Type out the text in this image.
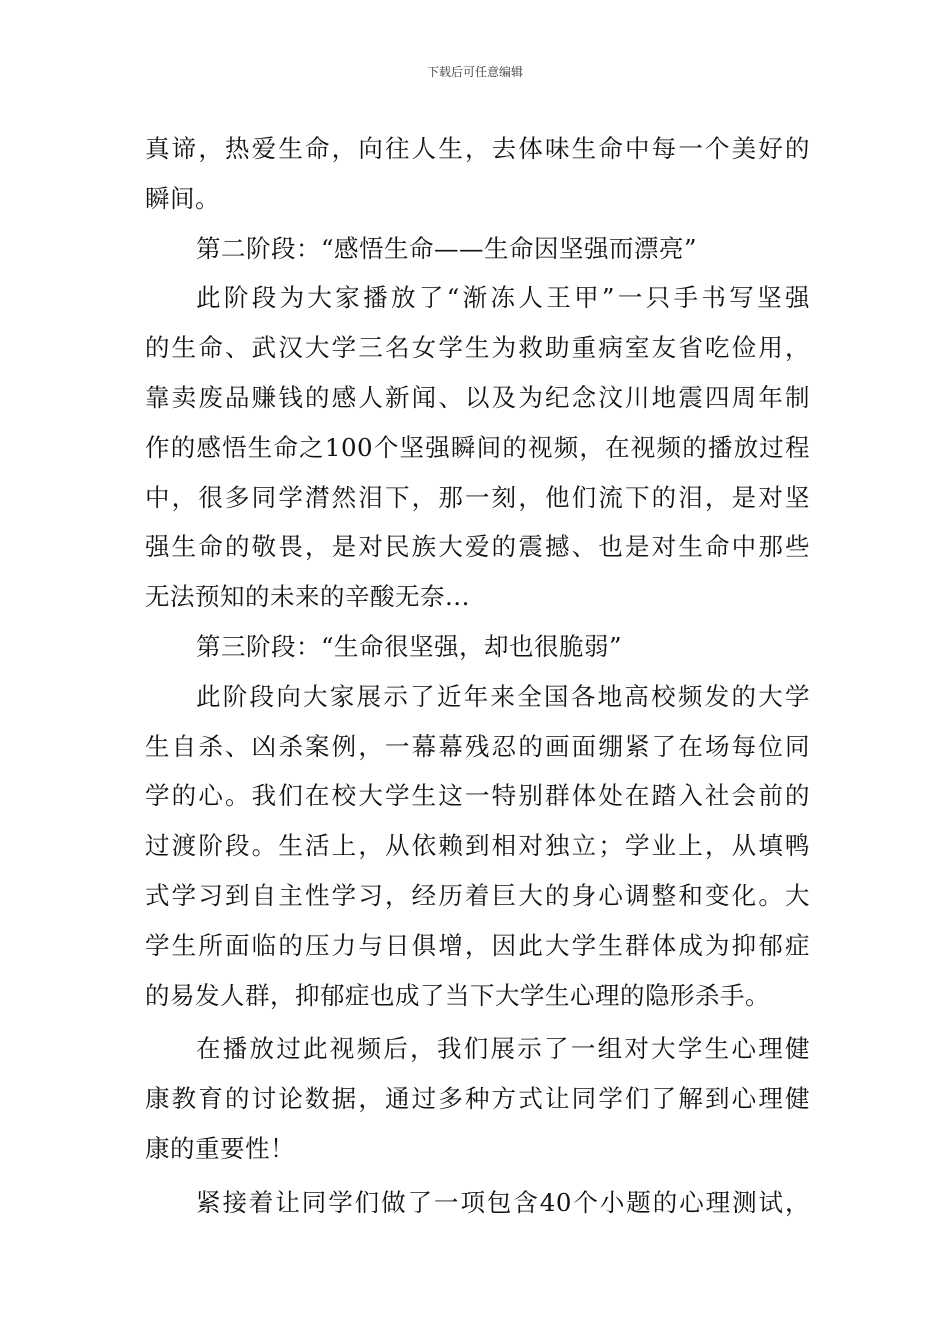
下载后可任意编辑
真谛，热爱生命，向往人生，去体味生命中每一个美好的
瞬间。
第二阶段：“感悟生命——生命因坚强而漂亮”
此阶段为大家播放了“渐冻人王甲”一只手书写坚强
的生命、武汉大学三名女学生为救助重病室友省吃俭用，
靠卖废品赚钱的感人新闻、以及为纪念汶川地震四周年制
作的感悟生命之100个坚强瞬间的视频，在视频的播放过程
中，很多同学潸然泪下，那一刻，他们流下的泪，是对坚
强生命的敬畏，是对民族大爱的震撼、也是对生命中那些
无法预知的未来的辛酸无奈...
第三阶段：“生命很坚强，却也很脆弱”
此阶段向大家展示了近年来全国各地高校频发的大学
生自杀、凶杀案例，一幕幕残忍的画面绷紧了在场每位同
学的心。我们在校大学生这一特别群体处在踏入社会前的
过渡阶段。生活上，从依赖到相对独立；学业上，从填鸭
式学习到自主性学习，经历着巨大的身心调整和变化。大
学生所面临的压力与日俱增，因此大学生群体成为抑郁症
的易发人群，抑郁症也成了当下大学生心理的隐形杀手。
在播放过此视频后，我们展示了一组对大学生心理健
康教育的讨论数据，通过多种方式让同学们了解到心理健
康的重要性！
紧接着让同学们做了一项包含40个小题的心理测试，
